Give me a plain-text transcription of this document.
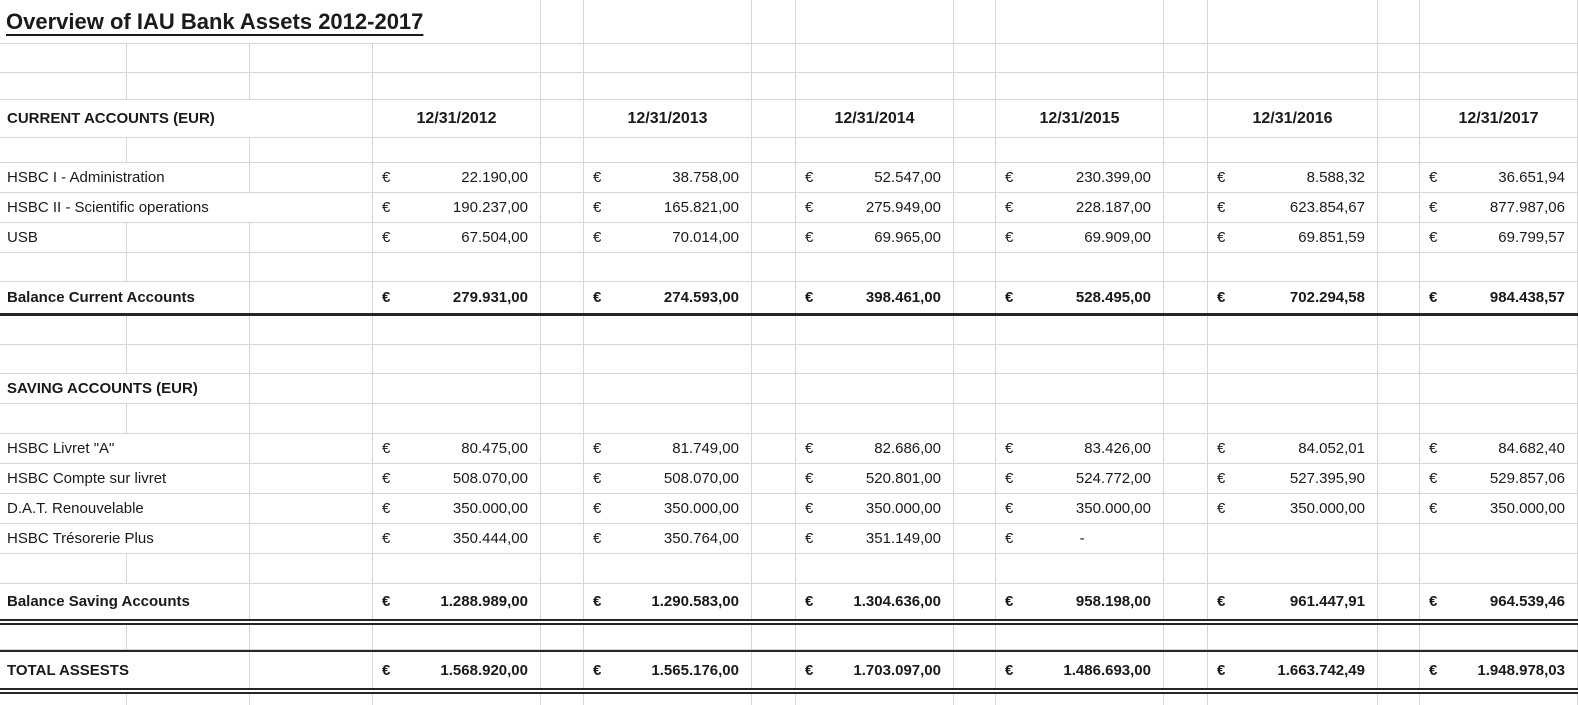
Overview of IAU Bank Assets 2012-2017
CURRENT ACCOUNTS (EUR)	12/31/2012	12/31/2013	12/31/2014	12/31/2015	12/31/2016	12/31/2017
HSBC I - Administration	€	22.190,00	€	38.758,00	€	52.547,00	€	230.399,00	€	8.588,32	€	36.651,94
HSBC II - Scientific operations	€	190.237,00	€	165.821,00	€	275.949,00	€	228.187,00	€	623.854,67	€	877.987,06
USB	€	67.504,00	€	70.014,00	€	69.965,00	€	69.909,00	€	69.851,59	€	69.799,57
Balance Current Accounts	€	279.931,00	€	274.593,00	€	398.461,00	€	528.495,00	€	702.294,58	€	984.438,57
SAVING ACCOUNTS (EUR)
HSBC Livret "A"	€	80.475,00	€	81.749,00	€	82.686,00	€	83.426,00	€	84.052,01	€	84.682,40
HSBC Compte sur livret	€	508.070,00	€	508.070,00	€	520.801,00	€	524.772,00	€	527.395,90	€	529.857,06
D.A.T. Renouvelable	€	350.000,00	€	350.000,00	€	350.000,00	€	350.000,00	€	350.000,00	€	350.000,00
HSBC Trésorerie Plus	€	350.444,00	€	350.764,00	€	351.149,00	€	-
Balance Saving Accounts	€	1.288.989,00	€	1.290.583,00	€	1.304.636,00	€	958.198,00	€	961.447,91	€	964.539,46
TOTAL ASSESTS	€	1.568.920,00	€	1.565.176,00	€	1.703.097,00	€	1.486.693,00	€	1.663.742,49	€	1.948.978,03
